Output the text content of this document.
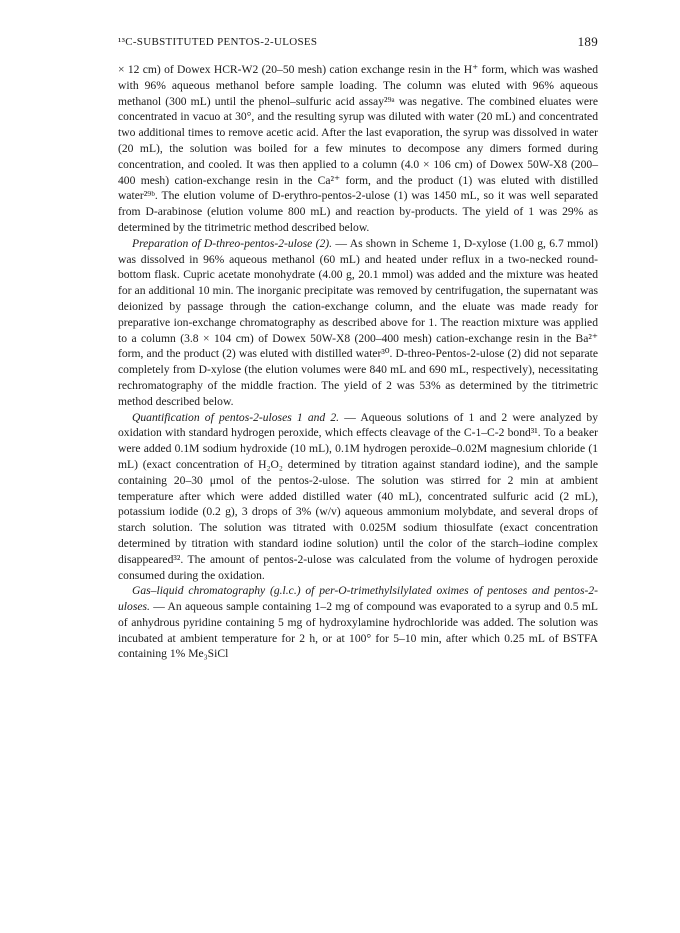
¹³C-SUBSTITUTED PENTOS-2-ULOSES	189

× 12 cm) of Dowex HCR-W2 (20–50 mesh) cation exchange resin in the H⁺ form, which was washed with 96% aqueous methanol before sample loading. The column was eluted with 96% aqueous methanol (300 mL) until the phenol–sulfuric acid assay²⁹ᵃ was negative. The combined eluates were concentrated in vacuo at 30°, and the resulting syrup was diluted with water (20 mL) and concentrated two additional times to remove acetic acid. After the last evaporation, the syrup was dissolved in water (20 mL), the solution was boiled for a few minutes to decompose any dimers formed during concentration, and cooled. It was then applied to a column (4.0 × 106 cm) of Dowex 50W-X8 (200–400 mesh) cation-exchange resin in the Ca²⁺ form, and the product (1) was eluted with distilled water²⁹ᵇ. The elution volume of D-erythro-pentos-2-ulose (1) was 1450 mL, so it was well separated from D-arabinose (elution volume 800 mL) and reaction by-products. The yield of 1 was 29% as determined by the titrimetric method described below.

Preparation of D-threo-pentos-2-ulose (2). — As shown in Scheme 1, D-xylose (1.00 g, 6.7 mmol) was dissolved in 96% aqueous methanol (60 mL) and heated under reflux in a two-necked round-bottom flask. Cupric acetate monohydrate (4.00 g, 20.1 mmol) was added and the mixture was heated for an additional 10 min. The inorganic precipitate was removed by centrifugation, the supernatant was deionized by passage through the cation-exchange column, and the eluate was made ready for preparative ion-exchange chromatography as described above for 1. The reaction mixture was applied to a column (3.8 × 104 cm) of Dowex 50W-X8 (200–400 mesh) cation-exchange resin in the Ba²⁺ form, and the product (2) was eluted with distilled water³⁰. D-threo-Pentos-2-ulose (2) did not separate completely from D-xylose (the elution volumes were 840 mL and 690 mL, respectively), necessitating rechromatography of the middle fraction. The yield of 2 was 53% as determined by the titrimetric method described below.

Quantification of pentos-2-uloses 1 and 2. — Aqueous solutions of 1 and 2 were analyzed by oxidation with standard hydrogen peroxide, which effects cleavage of the C-1–C-2 bond³¹. To a beaker were added 0.1M sodium hydroxide (10 mL), 0.1M hydrogen peroxide–0.02M magnesium chloride (1 mL) (exact concentration of H₂O₂ determined by titration against standard iodine), and the sample containing 20–30 μmol of the pentos-2-ulose. The solution was stirred for 2 min at ambient temperature after which were added distilled water (40 mL), concentrated sulfuric acid (2 mL), potassium iodide (0.2 g), 3 drops of 3% (w/v) aqueous ammonium molybdate, and several drops of starch solution. The solution was titrated with 0.025M sodium thiosulfate (exact concentration determined by titration with standard iodine solution) until the color of the starch–iodine complex disappeared³². The amount of pentos-2-ulose was calculated from the volume of hydrogen peroxide consumed during the oxidation.

Gas–liquid chromatography (g.l.c.) of per-O-trimethylsilylated oximes of pentoses and pentos-2-uloses. — An aqueous sample containing 1–2 mg of compound was evaporated to a syrup and 0.5 mL of anhydrous pyridine containing 5 mg of hydroxylamine hydrochloride was added. The solution was incubated at ambient temperature for 2 h, or at 100° for 5–10 min, after which 0.25 mL of BSTFA containing 1% Me₃SiCl
